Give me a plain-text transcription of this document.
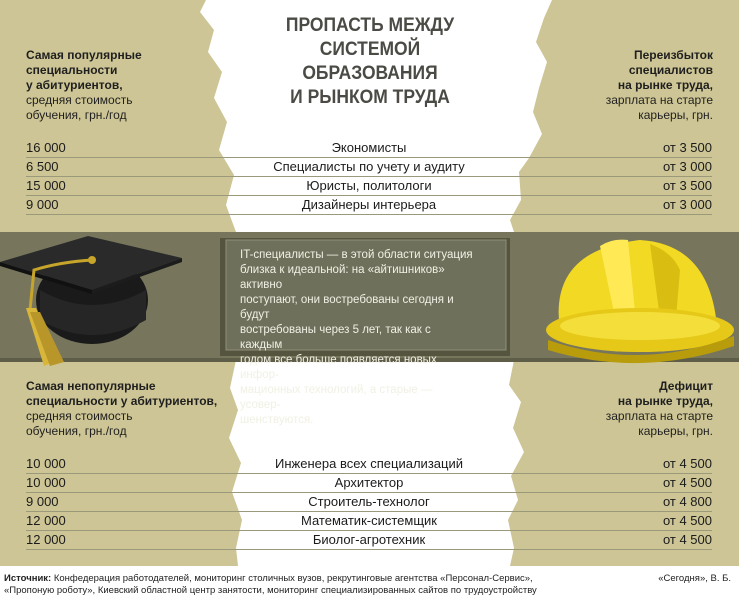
ПРОПАСТЬ МЕЖДУ
СИСТЕМОЙ ОБРАЗОВАНИЯ
И РЫНКОМ ТРУДА
Самая популярные
специальности
у абитуриентов,
средняя стоимость
обучения, грн./год
Переизбыток
специалистов
на рынке труда,
зарплата на старте
карьеры, грн.
16 000	Экономисты	от 3 500
6 500	Специалисты по учету и аудиту	от 3 000
15 000	Юристы, политологи	от 3 500
9 000	Дизайнеры интерьера	от 3 000
IT-специалисты — в этой области ситуация
близка к идеальной: на «айтишников» активно
поступают, они востребованы сегодня и будут
востребованы через 5 лет, так как с каждым
годом все больше появляется новых инфор-
мационных технологий, а старые — усовер-
шенствуются.
Самая непопулярные
специальности у абитуриентов,
средняя стоимость
обучения, грн./год
Дефицит
на рынке труда,
зарплата на старте
карьеры, грн.
10 000	Инженера всех специализаций	от 4 500
10 000	Архитектор	от 4 500
9 000	Строитель-технолог	от 4 800
12 000	Математик-системщик	от 4 500
12 000	Биолог-агротехник	от 4 500
Источник: Конфедерация работодателей, мониторинг столичных вузов, рекрутинговые агентства «Персонал-Сервис»,
«Пропоную роботу», Киевский областной центр занятости, мониторинг специализированных сайтов по трудоустройству
«Сегодня», В. Б.
